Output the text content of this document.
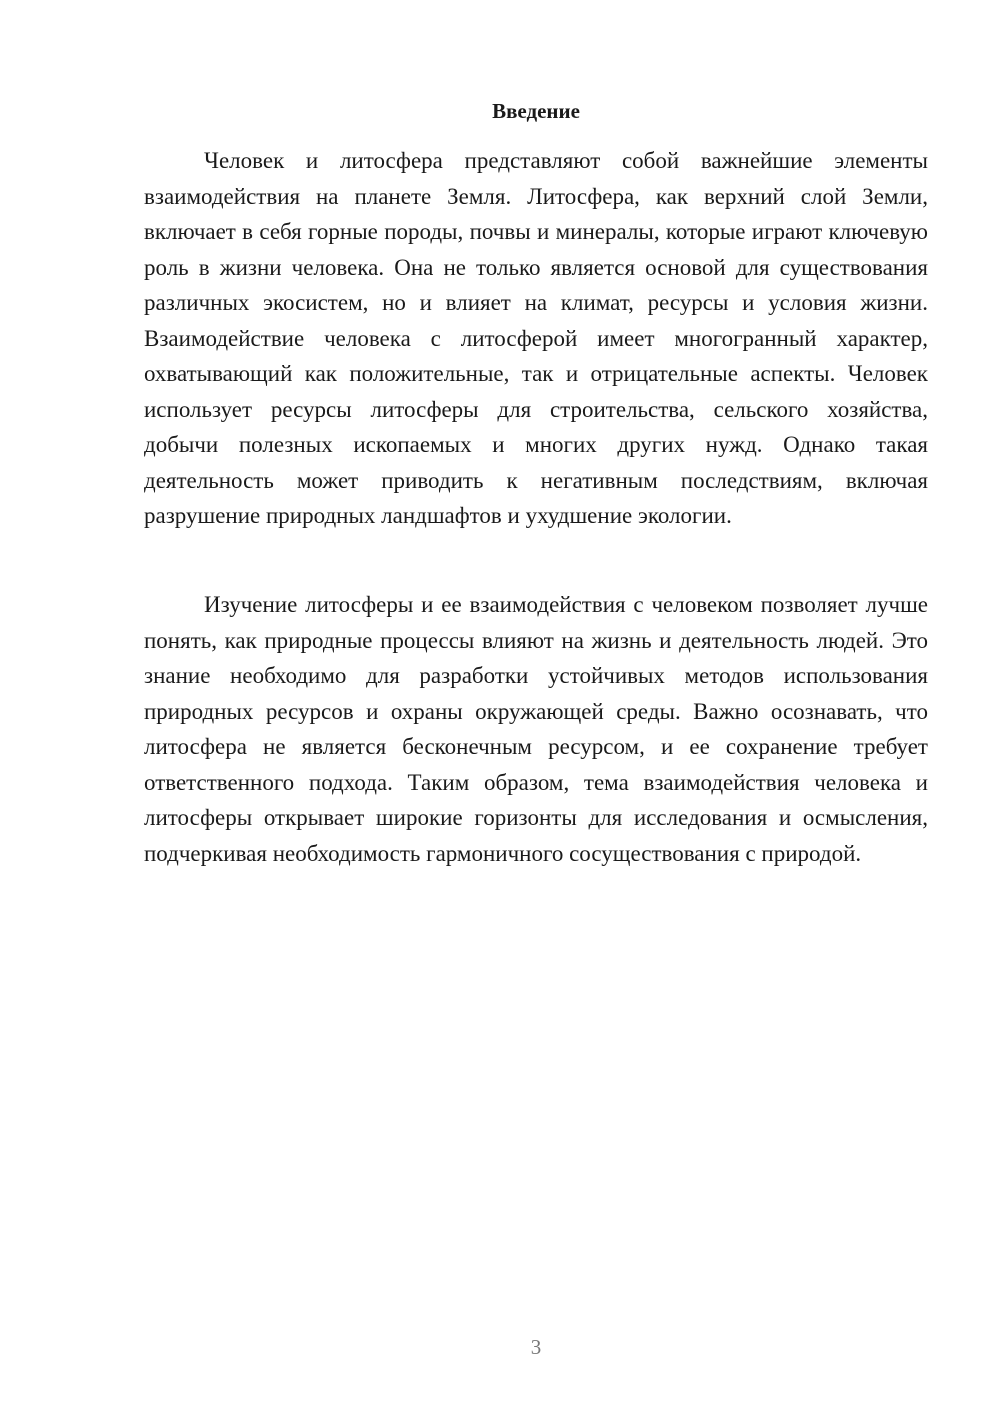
Введение

Человек и литосфера представляют собой важнейшие элементы взаимодействия на планете Земля. Литосфера, как верхний слой Земли, включает в себя горные породы, почвы и минералы, которые играют ключевую роль в жизни человека. Она не только является основой для существования различных экосистем, но и влияет на климат, ресурсы и условия жизни. Взаимодействие человека с литосферой имеет многогранный характер, охватывающий как положительные, так и отрицательные аспекты. Человек использует ресурсы литосферы для строительства, сельского хозяйства, добычи полезных ископаемых и многих других нужд. Однако такая деятельность может приводить к негативным последствиям, включая разрушение природных ландшафтов и ухудшение экологии.

Изучение литосферы и ее взаимодействия с человеком позволяет лучше понять, как природные процессы влияют на жизнь и деятельность людей. Это знание необходимо для разработки устойчивых методов использования природных ресурсов и охраны окружающей среды. Важно осознавать, что литосфера не является бесконечным ресурсом, и ее сохранение требует ответственного подхода. Таким образом, тема взаимодействия человека и литосферы открывает широкие горизонты для исследования и осмысления, подчеркивая необходимость гармоничного сосуществования с природой.

3
